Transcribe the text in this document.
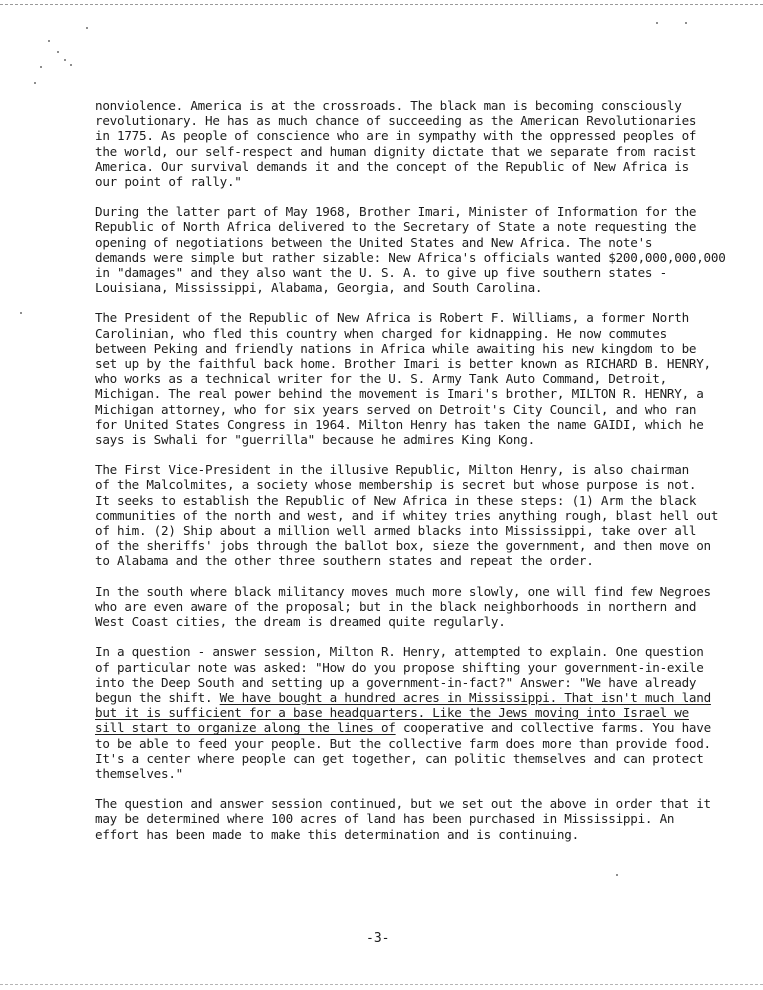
nonviolence. America is at the crossroads. The black man is becoming consciously
revolutionary. He has as much chance of succeeding as the American Revolutionaries
in 1775. As people of conscience who are in sympathy with the oppressed peoples of
the world, our self-respect and human dignity dictate that we separate from racist
America. Our survival demands it and the concept of the Republic of New Africa is
our point of rally."

During the latter part of May 1968, Brother Imari, Minister of Information for the
Republic of North Africa delivered to the Secretary of State a note requesting the
opening of negotiations between the United States and New Africa. The note's
demands were simple but rather sizable: New Africa's officials wanted $200,000,000,000
in "damages" and they also want the U. S. A. to give up five southern states -
Louisiana, Mississippi, Alabama, Georgia, and South Carolina.

The President of the Republic of New Africa is Robert F. Williams, a former North
Carolinian, who fled this country when charged for kidnapping. He now commutes
between Peking and friendly nations in Africa while awaiting his new kingdom to be
set up by the faithful back home. Brother Imari is better known as RICHARD B. HENRY,
who works as a technical writer for the U. S. Army Tank Auto Command, Detroit,
Michigan. The real power behind the movement is Imari's brother, MILTON R. HENRY, a
Michigan attorney, who for six years served on Detroit's City Council, and who ran
for United States Congress in 1964. Milton Henry has taken the name GAIDI, which he
says is Swhali for "guerrilla" because he admires King Kong.

The First Vice-President in the illusive Republic, Milton Henry, is also chairman
of the Malcolmites, a society whose membership is secret but whose purpose is not.
It seeks to establish the Republic of New Africa in these steps: (1) Arm the black
communities of the north and west, and if whitey tries anything rough, blast hell out
of him. (2) Ship about a million well armed blacks into Mississippi, take over all
of the sheriffs' jobs through the ballot box, sieze the government, and then move on
to Alabama and the other three southern states and repeat the order.

In the south where black militancy moves much more slowly, one will find few Negroes
who are even aware of the proposal; but in the black neighborhoods in northern and
West Coast cities, the dream is dreamed quite regularly.

In a question - answer session, Milton R. Henry, attempted to explain. One question
of particular note was asked: "How do you propose shifting your government-in-exile
into the Deep South and setting up a government-in-fact?" Answer: "We have already
begun the shift. We have bought a hundred acres in Mississippi. That isn't much land
but it is sufficient for a base headquarters. Like the Jews moving into Israel we
sill start to organize along the lines of cooperative and collective farms. You have
to be able to feed your people. But the collective farm does more than provide food.
It's a center where people can get together, can politic themselves and can protect
themselves."

The question and answer session continued, but we set out the above in order that it
may be determined where 100 acres of land has been purchased in Mississippi. An
effort has been made to make this determination and is continuing.

-3-
